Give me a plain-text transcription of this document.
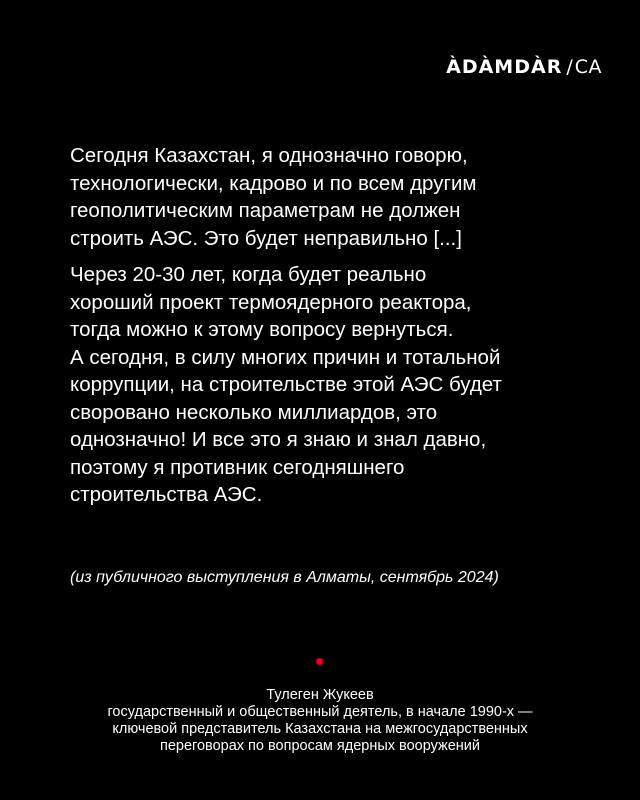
ÀDÀMDÀR / CA

Сегодня Казахстан, я однозначно говорю,
технологически, кадрово и по всем другим
геополитическим параметрам не должен
строить АЭС. Это будет неправильно [...]

Через 20-30 лет, когда будет реально
хороший проект термоядерного реактора,
тогда можно к этому вопросу вернуться.
А сегодня, в силу многих причин и тотальной
коррупции, на строительстве этой АЭС будет
своровано несколько миллиардов, это
однозначно! И все это я знаю и знал давно,
поэтому я противник сегодняшнего
строительства АЭС.

(из публичного выступления в Алматы, сентябрь 2024)
Тулеген Жукеев
государственный и общественный деятель, в начале 1990-х —
ключевой представитель Казахстана на межгосударственных
переговорах по вопросам ядерных вооружений
